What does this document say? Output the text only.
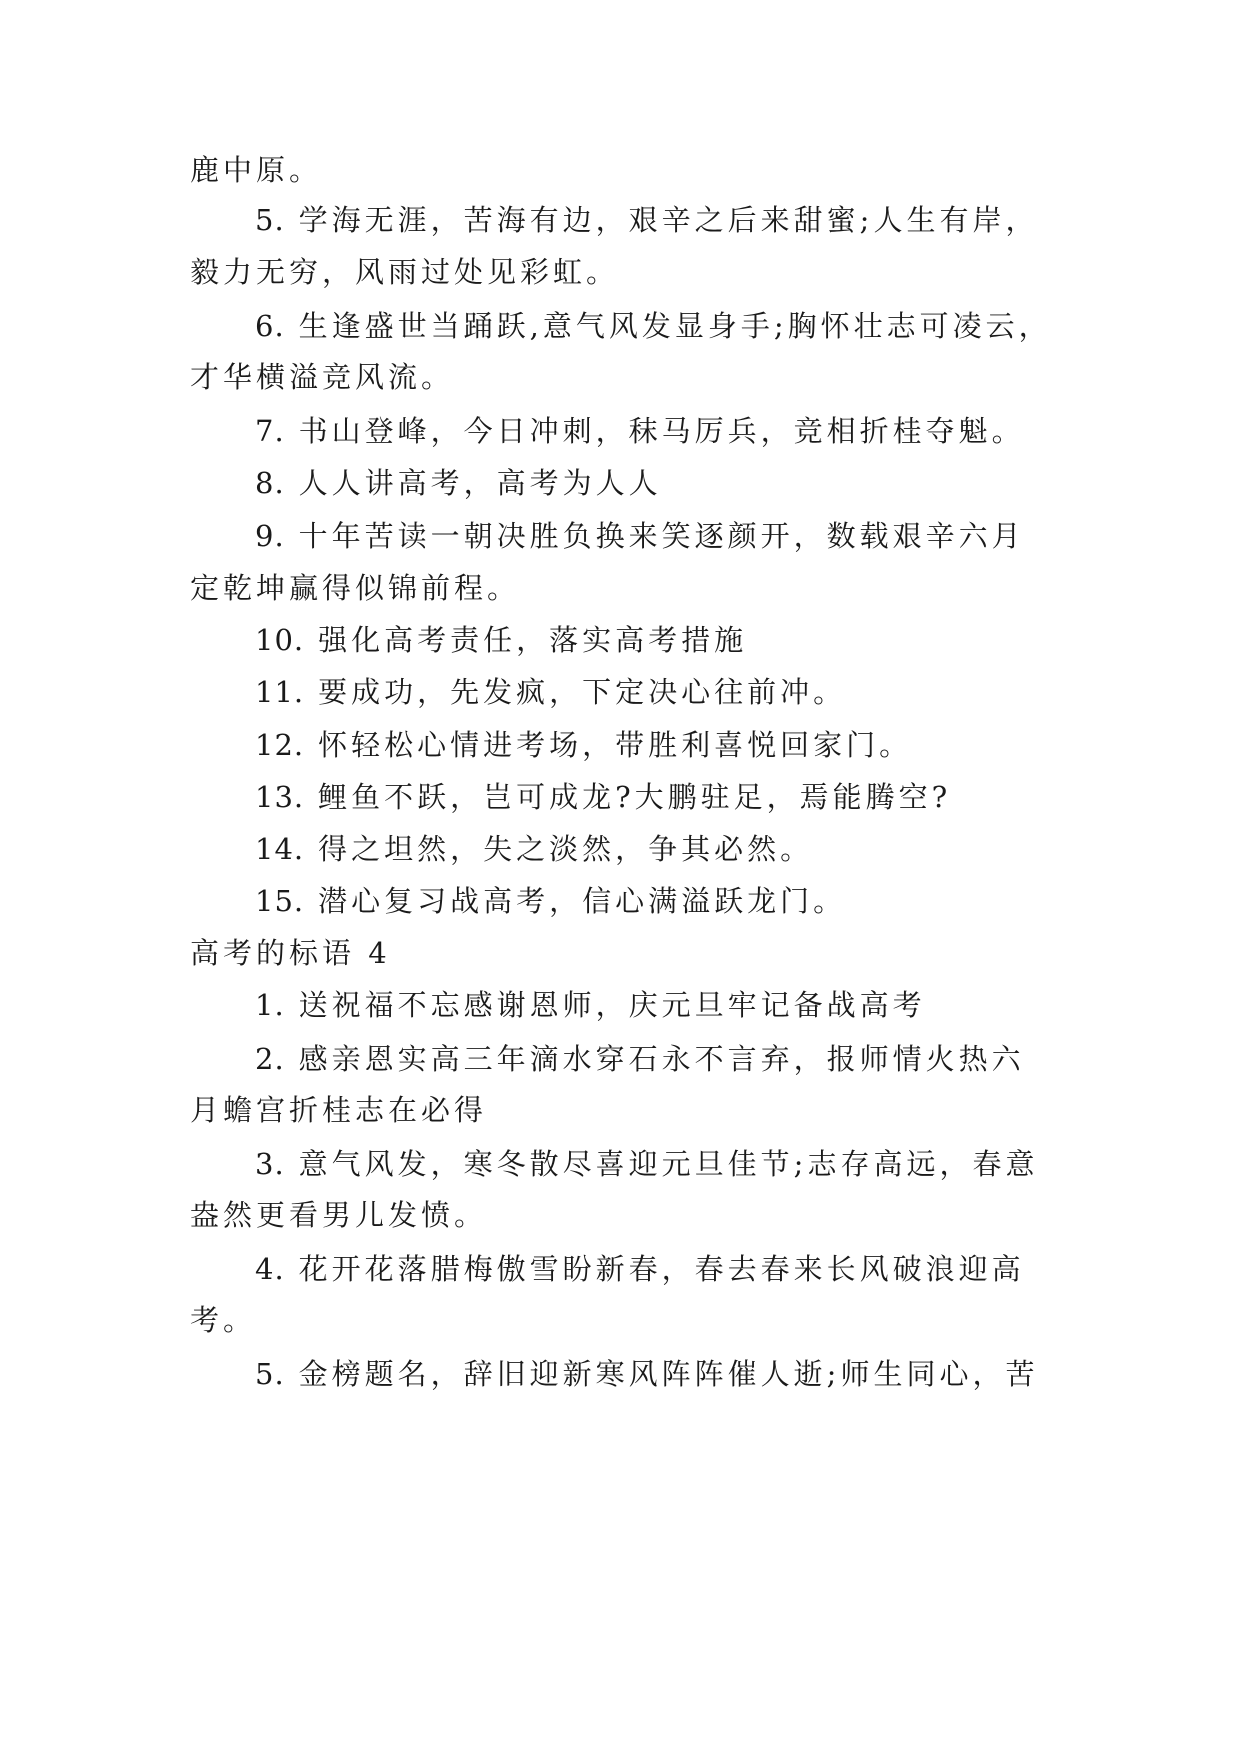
鹿中原。
5. 学海无涯，苦海有边，艰辛之后来甜蜜;人生有岸，
毅力无穷，风雨过处见彩虹。
6. 生逢盛世当踊跃,意气风发显身手;胸怀壮志可凌云，
才华横溢竞风流。
7. 书山登峰，今日冲刺，秣马厉兵，竞相折桂夺魁。
8. 人人讲高考，高考为人人
9. 十年苦读一朝决胜负换来笑逐颜开，数载艰辛六月
定乾坤赢得似锦前程。
10. 强化高考责任，落实高考措施
11. 要成功，先发疯，下定决心往前冲。
12. 怀轻松心情进考场，带胜利喜悦回家门。
13. 鲤鱼不跃，岂可成龙?大鹏驻足，焉能腾空?
14. 得之坦然，失之淡然，争其必然。
15. 潜心复习战高考，信心满溢跃龙门。
高考的标语 4
1. 送祝福不忘感谢恩师，庆元旦牢记备战高考
2. 感亲恩实高三年滴水穿石永不言弃，报师情火热六
月蟾宫折桂志在必得
3. 意气风发，寒冬散尽喜迎元旦佳节;志存高远，春意
盎然更看男儿发愤。
4. 花开花落腊梅傲雪盼新春，春去春来长风破浪迎高
考。
5. 金榜题名，辞旧迎新寒风阵阵催人逝;师生同心，苦
